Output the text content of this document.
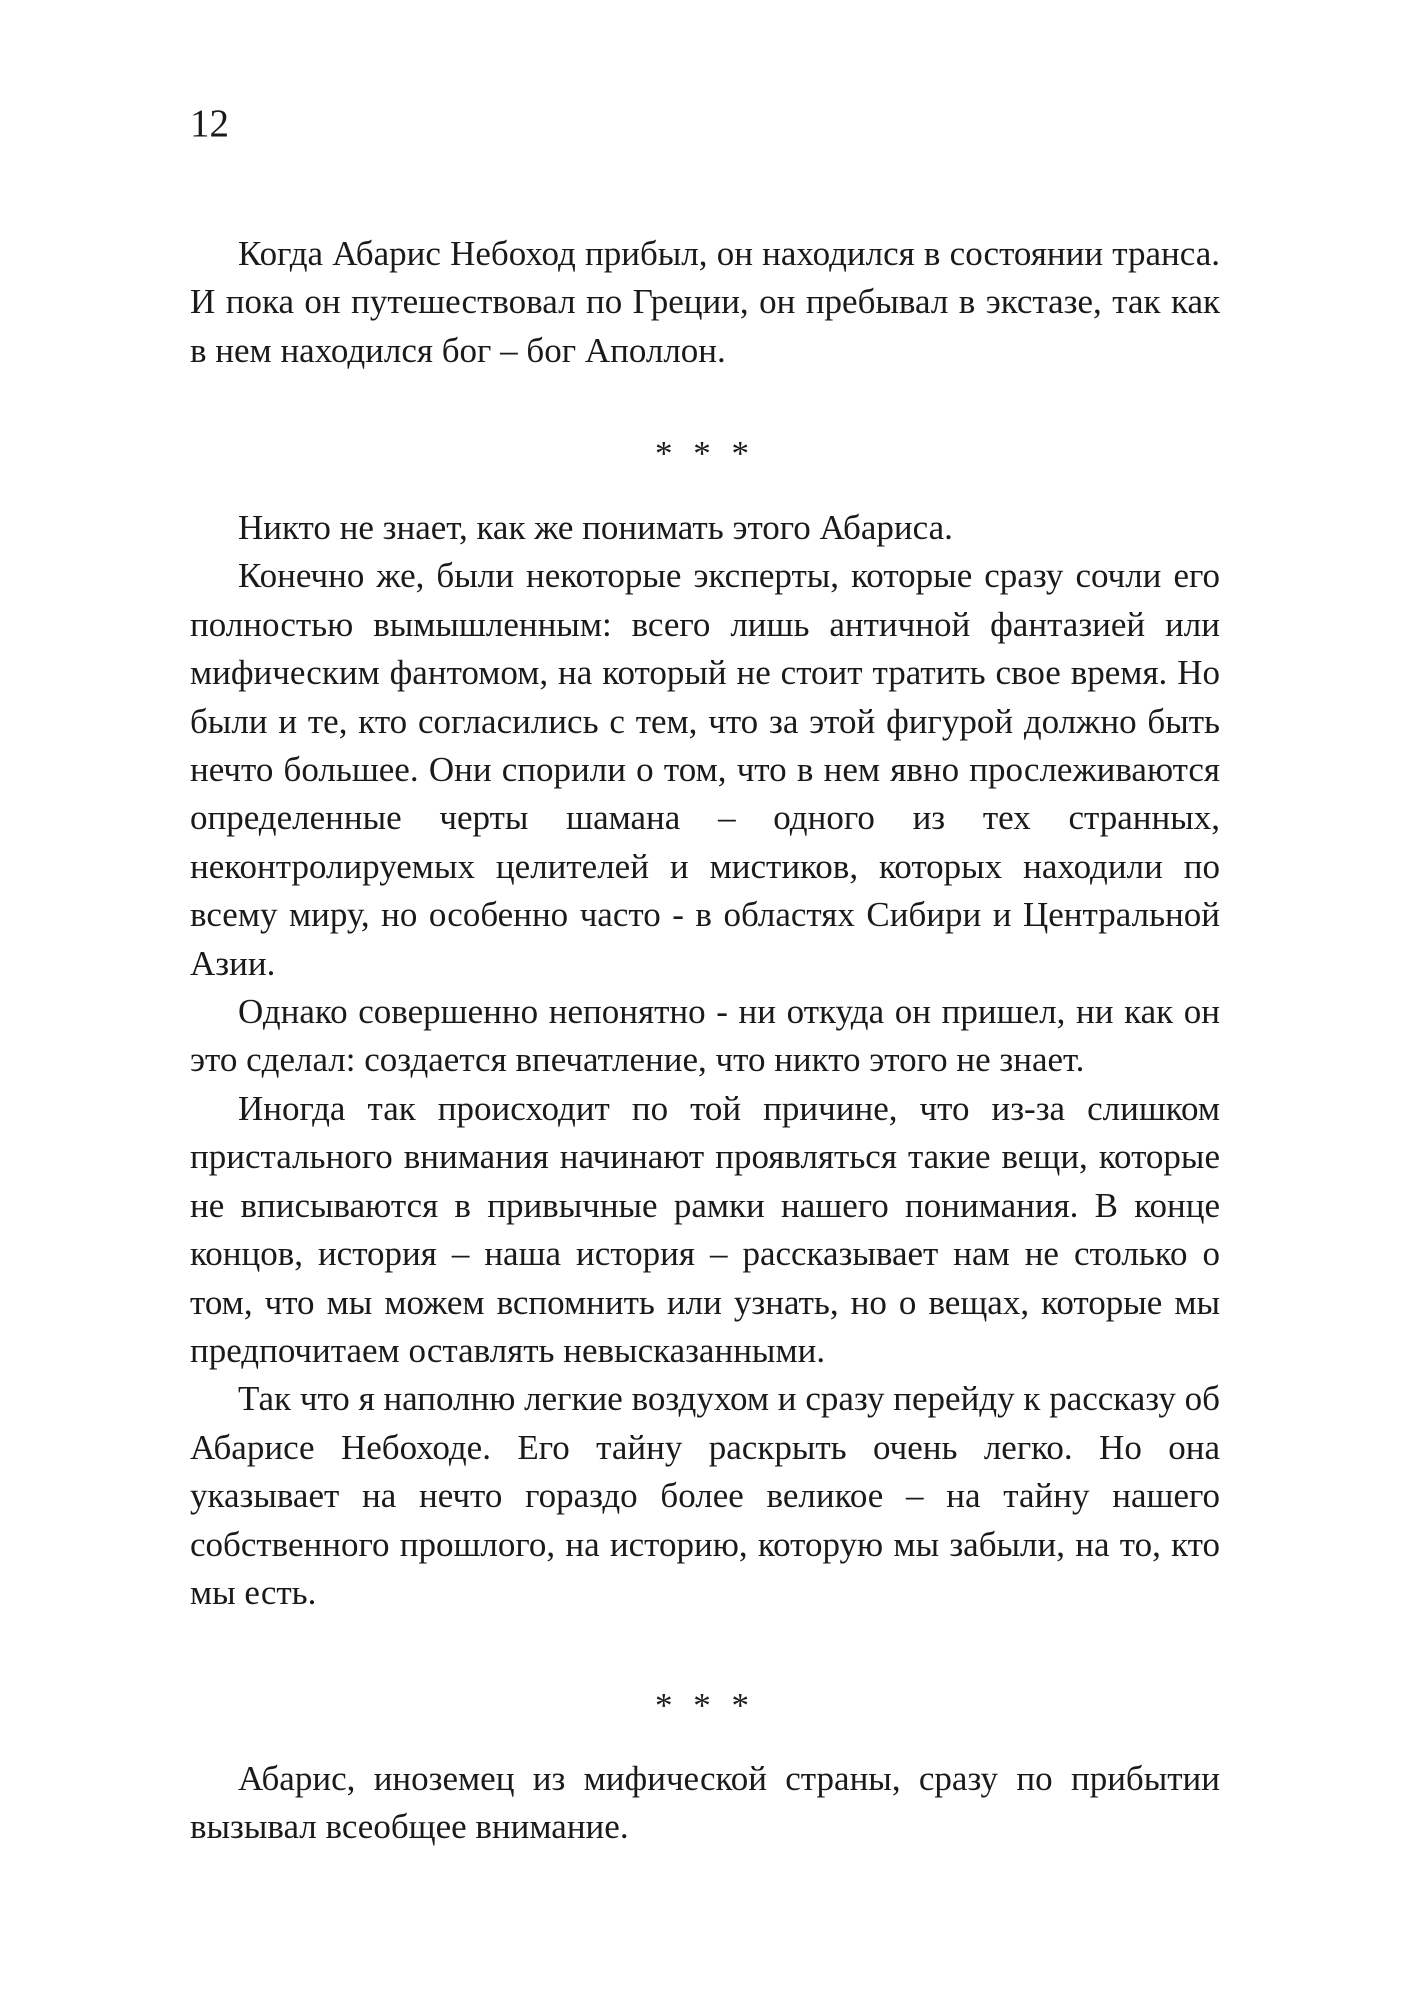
12

Когда Абарис Небоход прибыл, он находился в состоянии транса. И пока он путешествовал по Греции, он пребывал в экстазе, так как в нем находился бог – бог Аполлон.

* * *

Никто не знает, как же понимать этого Абариса.

Конечно же, были некоторые эксперты, которые сразу сочли его полностью вымышленным: всего лишь античной фантазией или мифическим фантомом, на который не стоит тратить свое время. Но были и те, кто согласились с тем, что за этой фигурой должно быть нечто большее. Они спорили о том, что в нем явно прослеживаются определенные черты шамана – одного из тех странных, неконтролируемых целителей и мистиков, которых находили по всему миру, но особенно часто - в областях Сибири и Центральной Азии.

Однако совершенно непонятно - ни откуда он пришел, ни как он это сделал: создается впечатление, что никто этого не знает.

Иногда так происходит по той причине, что из-за слишком пристального внимания начинают проявляться такие вещи, которые не вписываются в привычные рамки нашего понимания. В конце концов, история – наша история – рассказывает нам не столько о том, что мы можем вспомнить или узнать, но о вещах, которые мы предпочитаем оставлять невысказанными.

Так что я наполню легкие воздухом и сразу перейду к рассказу об Абарисе Небоходе. Его тайну раскрыть очень легко. Но она указывает на нечто гораздо более великое – на тайну нашего собственного прошлого, на историю, которую мы забыли, на то, кто мы есть.

* * *

Абарис, иноземец из мифической страны, сразу по прибытии вызывал всеобщее внимание.
